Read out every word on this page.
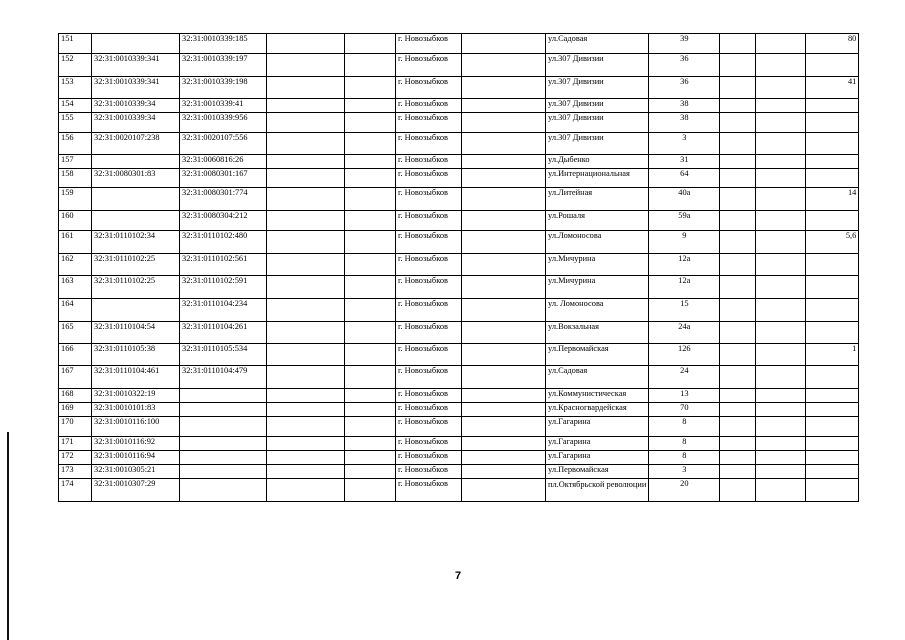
151		32:31:0010339:185			г. Новозыбков		ул.Садовая	39			80
152	32:31:0010339:341	32:31:0010339:197			г. Новозыбков		ул.307 Дивизии	36			
153	32:31:0010339:341	32:31:0010339:198			г. Новозыбков		ул.307 Дивизии	36			41
154	32:31:0010339:34	32:31:0010339:41			г. Новозыбков		ул.307 Дивизии	38			
155	32:31:0010339:34	32:31:0010339:956			г. Новозыбков		ул.307 Дивизии	38			
156	32:31:0020107:238	32:31:0020107:556			г. Новозыбков		ул.307 Дивизии	3			
157		32:31:0060816:26			г. Новозыбков		ул.Дыбенко	31			
158	32:31:0080301:83	32:31:0080301:167			г. Новозыбков		ул.Интернациональная	64			
159		32:31:0080301:774			г. Новозыбков		ул.Литейная	40а			14
160		32:31:0080304:212			г. Новозыбков		ул.Рошаля	59а			
161	32:31:0110102:34	32:31:0110102:480			г. Новозыбков		ул.Ломоносова	9			5,6
162	32:31:0110102:25	32:31:0110102:561			г. Новозыбков		ул.Мичурина	12а			
163	32:31:0110102:25	32:31:0110102:591			г. Новозыбков		ул.Мичурина	12а			
164		32:31:0110104:234			г. Новозыбков		ул. Ломоносова	15			
165	32:31:0110104:54	32:31:0110104:261			г. Новозыбков		ул.Вокзальная	24а			
166	32:31:0110105:38	32:31:0110105:534			г. Новозыбков		ул.Первомайская	126			1
167	32:31:0110104:461	32:31:0110104:479			г. Новозыбков		ул.Садовая	24			
168	32:31:0010322:19				г. Новозыбков		ул.Коммунистическая	13			
169	32:31:0010101:83				г. Новозыбков		ул.Красногвардейская	70			
170	32:31:0010116:100				г. Новозыбков		ул.Гагарина	8			
171	32:31:0010116:92				г. Новозыбков		ул.Гагарина	8			
172	32:31:0010116:94				г. Новозыбков		ул.Гагарина	8			
173	32:31:0010305:21				г. Новозыбков		ул.Первомайская	3			
174	32:31:0010307:29				г. Новозыбков		пл.Октябрьской революции	20			
7
